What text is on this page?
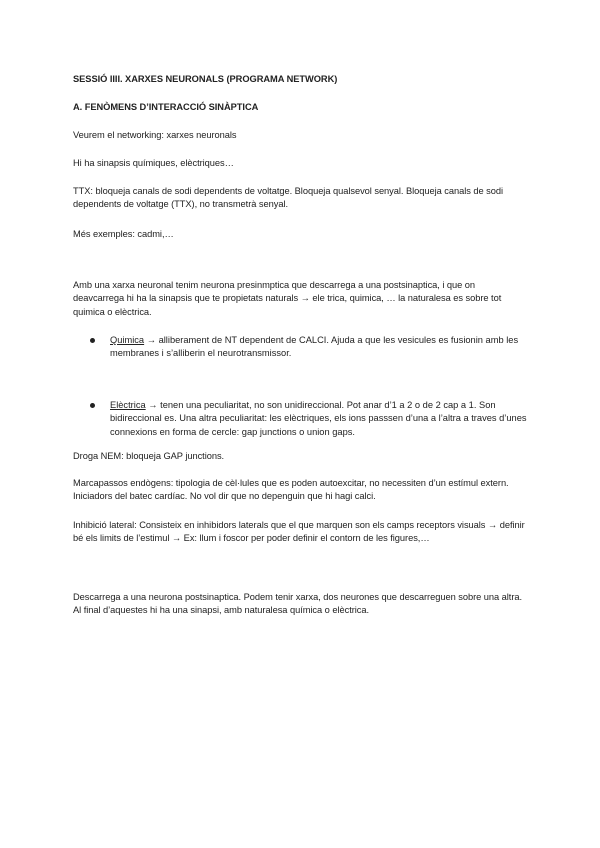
SESSIÓ IIII. XARXES NEURONALS (PROGRAMA NETWORK)

A. FENÒMENS D’INTERACCIÓ SINÀPTICA

Veurem el networking: xarxes neuronals

Hi ha sinapsis químiques, elèctriques…

TTX: bloqueja canals de sodi dependents de voltatge. Bloqueja qualsevol senyal. Bloqueja canals de sodi dependents de voltatge (TTX), no transmetrà senyal.

Més exemples: cadmi,…

Amb una xarxa neuronal tenim neurona presinmptica que descarrega a una postsinaptica, i que on deavcarrega hi ha la sinapsis que te propietats naturals → ele trica, quimica, … la naturalesa es sobre tot quimica o elèctrica.

Quimica → alliberament de NT dependent de CALCI. Ajuda a que les vesicules es fusionin amb les membranes i s’alliberin el neurotransmissor.

Elèctrica → tenen una peculiaritat, no son unidireccional. Pot anar d’1 a 2 o de 2 cap a 1. Son bidireccional es. Una altra peculiaritat: les elèctriques, els ions passsen d’una a l’altra a traves d’unes connexions en forma de cercle: gap junctions o union gaps.

Droga NEM: bloqueja GAP junctions.

Marcapassos endògens: tipologia de cèl·lules que es poden autoexcitar, no necessiten d’un estímul extern. Iniciadors del batec cardíac. No vol dir que no depenguin que hi hagi calci.

Inhibició lateral: Consisteix en inhibidors laterals que el que marquen son els camps receptors visuals → definir bé els limits de l’estimul → Ex: llum i foscor per poder definir el contorn de les figures,…

Descarrega a una neurona postsinaptica. Podem tenir xarxa, dos neurones que descarreguen sobre una altra. Al final d’aquestes hi ha una sinapsi, amb naturalesa química o elèctrica.
